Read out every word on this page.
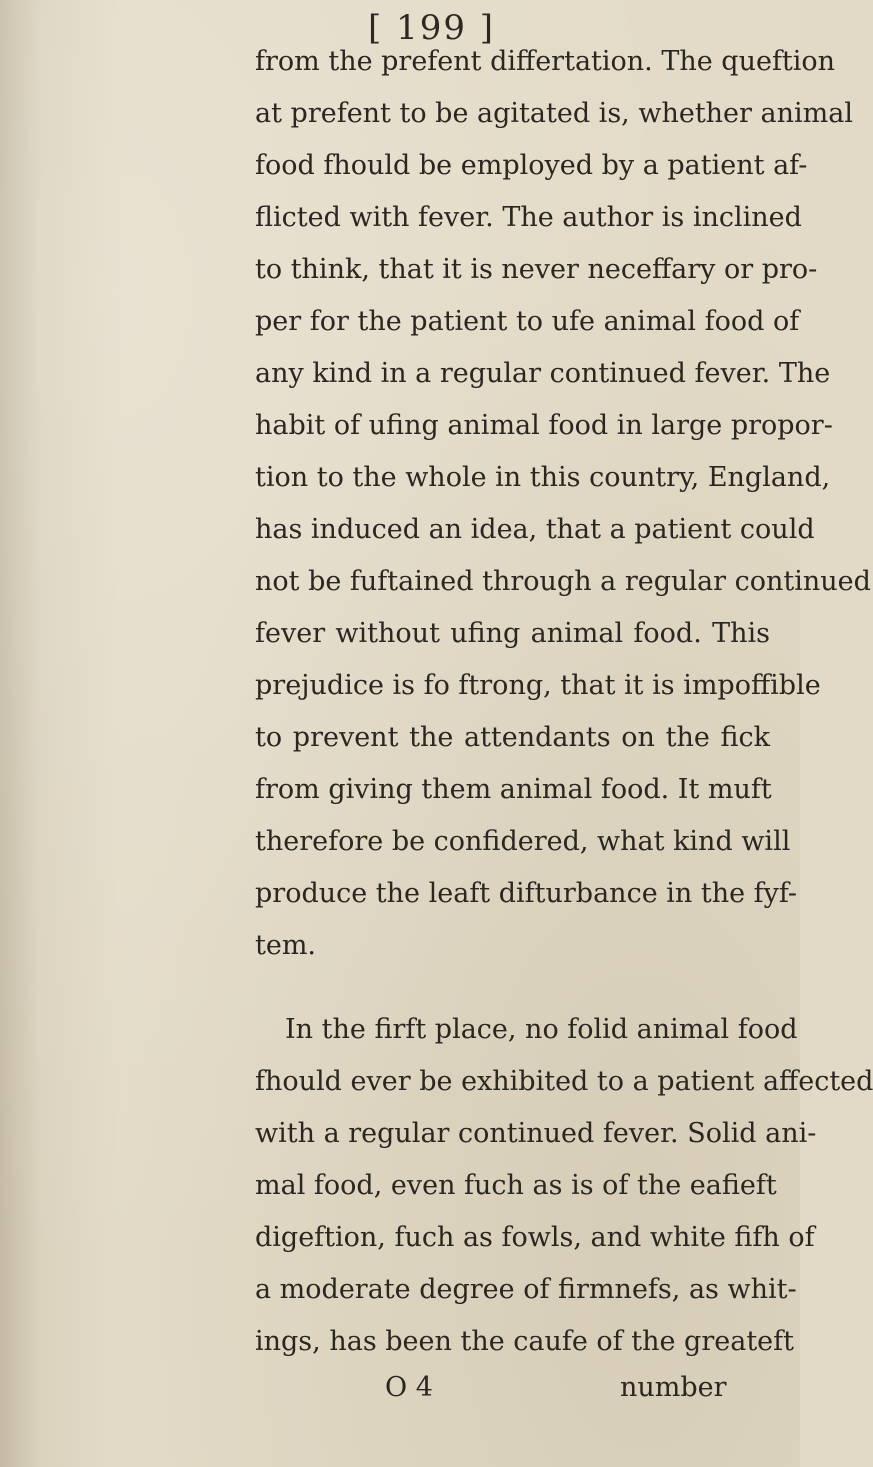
[ 199 ]
from the prefent differtation. The queftion
at prefent to be agitated is, whether animal
food fhould be employed by a patient af-
flicted with fever. The author is inclined
to think, that it is never neceffary or pro-
per for the patient to ufe animal food of
any kind in a regular continued fever. The
habit of ufing animal food in large propor-
tion to the whole in this country, England,
has induced an idea, that a patient could
not be fuftained through a regular continued
fever without ufing animal food. This
prejudice is fo ftrong, that it is impoffible
to prevent the attendants on the fick
from giving them animal food. It muft
therefore be confidered, what kind will
produce the leaft difturbance in the fyf-
tem.
In the firft place, no folid animal food
fhould ever be exhibited to a patient affected
with a regular continued fever. Solid ani-
mal food, even fuch as is of the eafieft
digeftion, fuch as fowls, and white fifh of
a moderate degree of firmnefs, as whit-
ings, has been the caufe of the greateft
O 4	number
